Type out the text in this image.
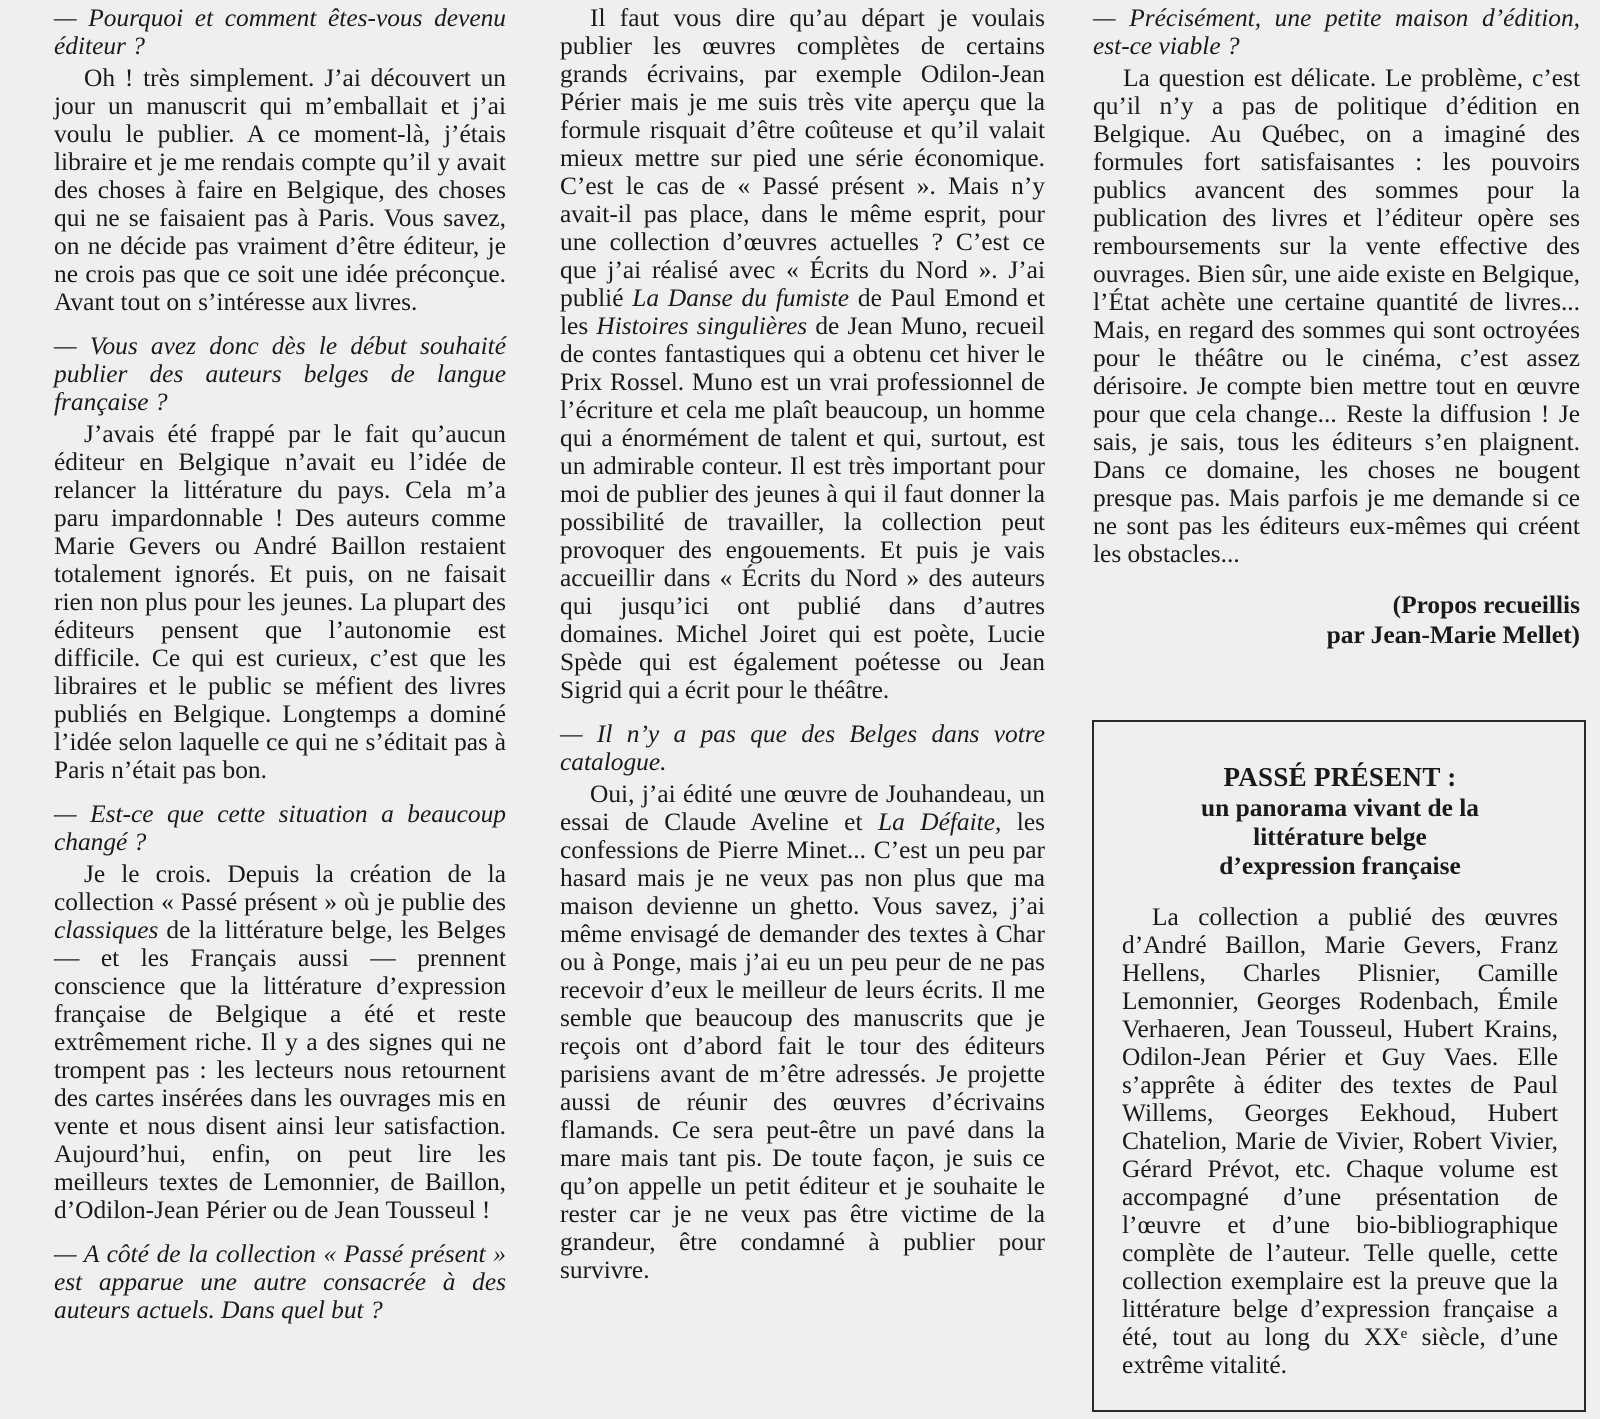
— Pourquoi et comment êtes-vous devenu éditeur ?

Oh ! très simplement. J’ai découvert un jour un manuscrit qui m’emballait et j’ai voulu le publier. A ce moment-là, j’étais libraire et je me rendais compte qu’il y avait des choses à faire en Belgique, des choses qui ne se faisaient pas à Paris. Vous savez, on ne décide pas vraiment d’être éditeur, je ne crois pas que ce soit une idée préconçue. Avant tout on s’intéresse aux livres.

— Vous avez donc dès le début souhaité publier des auteurs belges de langue française ?

J’avais été frappé par le fait qu’aucun éditeur en Belgique n’avait eu l’idée de relancer la littérature du pays. Cela m’a paru impardonnable ! Des auteurs comme Marie Gevers ou André Baillon restaient totalement ignorés. Et puis, on ne faisait rien non plus pour les jeunes. La plupart des éditeurs pensent que l’autonomie est difficile. Ce qui est curieux, c’est que les libraires et le public se méfient des livres publiés en Belgique. Longtemps a dominé l’idée selon laquelle ce qui ne s’éditait pas à Paris n’était pas bon.

— Est-ce que cette situation a beaucoup changé ?

Je le crois. Depuis la création de la collection « Passé présent » où je publie des classiques de la littérature belge, les Belges — et les Français aussi — prennent conscience que la littérature d’expression française de Belgique a été et reste extrêmement riche. Il y a des signes qui ne trompent pas : les lecteurs nous retournent des cartes insérées dans les ouvrages mis en vente et nous disent ainsi leur satisfaction. Aujourd’hui, enfin, on peut lire les meilleurs textes de Lemonnier, de Baillon, d’Odilon-Jean Périer ou de Jean Tousseul !

— A côté de la collection « Passé présent » est apparue une autre consacrée à des auteurs actuels. Dans quel but ?

Il faut vous dire qu’au départ je voulais publier les œuvres complètes de certains grands écrivains, par exemple Odilon-Jean Périer mais je me suis très vite aperçu que la formule risquait d’être coûteuse et qu’il valait mieux mettre sur pied une série économique. C’est le cas de « Passé présent ». Mais n’y avait-il pas place, dans le même esprit, pour une collection d’œuvres actuelles ? C’est ce que j’ai réalisé avec « Écrits du Nord ». J’ai publié La Danse du fumiste de Paul Emond et les Histoires singulières de Jean Muno, recueil de contes fantastiques qui a obtenu cet hiver le Prix Rossel. Muno est un vrai professionnel de l’écriture et cela me plaît beaucoup, un homme qui a énormément de talent et qui, surtout, est un admirable conteur. Il est très important pour moi de publier des jeunes à qui il faut donner la possibilité de travailler, la collection peut provoquer des engouements. Et puis je vais accueillir dans « Écrits du Nord » des auteurs qui jusqu’ici ont publié dans d’autres domaines. Michel Joiret qui est poète, Lucie Spède qui est également poétesse ou Jean Sigrid qui a écrit pour le théâtre.

— Il n’y a pas que des Belges dans votre catalogue.

Oui, j’ai édité une œuvre de Jouhandeau, un essai de Claude Aveline et La Défaite, les confessions de Pierre Minet... C’est un peu par hasard mais je ne veux pas non plus que ma maison devienne un ghetto. Vous savez, j’ai même envisagé de demander des textes à Char ou à Ponge, mais j’ai eu un peu peur de ne pas recevoir d’eux le meilleur de leurs écrits. Il me semble que beaucoup des manuscrits que je reçois ont d’abord fait le tour des éditeurs parisiens avant de m’être adressés. Je projette aussi de réunir des œuvres d’écrivains flamands. Ce sera peut-être un pavé dans la mare mais tant pis. De toute façon, je suis ce qu’on appelle un petit éditeur et je souhaite le rester car je ne veux pas être victime de la grandeur, être condamné à publier pour survivre.

— Précisément, une petite maison d’édition, est-ce viable ?

La question est délicate. Le problème, c’est qu’il n’y a pas de politique d’édition en Belgique. Au Québec, on a imaginé des formules fort satisfaisantes : les pouvoirs publics avancent des sommes pour la publication des livres et l’éditeur opère ses remboursements sur la vente effective des ouvrages. Bien sûr, une aide existe en Belgique, l’État achète une certaine quantité de livres... Mais, en regard des sommes qui sont octroyées pour le théâtre ou le cinéma, c’est assez dérisoire. Je compte bien mettre tout en œuvre pour que cela change... Reste la diffusion ! Je sais, je sais, tous les éditeurs s’en plaignent. Dans ce domaine, les choses ne bougent presque pas. Mais parfois je me demande si ce ne sont pas les éditeurs eux-mêmes qui créent les obstacles...

(Propos recueillis
par Jean-Marie Mellet)
PASSÉ PRÉSENT :
un panorama vivant de la littérature belge d’expression française
La collection a publié des œuvres d’André Baillon, Marie Gevers, Franz Hellens, Charles Plisnier, Camille Lemonnier, Georges Rodenbach, Émile Verhaeren, Jean Tousseul, Hubert Krains, Odilon-Jean Périer et Guy Vaes. Elle s’apprête à éditer des textes de Paul Willems, Georges Eekhoud, Hubert Chatelion, Marie de Vivier, Robert Vivier, Gérard Prévot, etc. Chaque volume est accompagné d’une présentation de l’œuvre et d’une bio-bibliographique complète de l’auteur. Telle quelle, cette collection exemplaire est la preuve que la littérature belge d’expression française a été, tout au long du XXᵉ siècle, d’une extrême vitalité.
